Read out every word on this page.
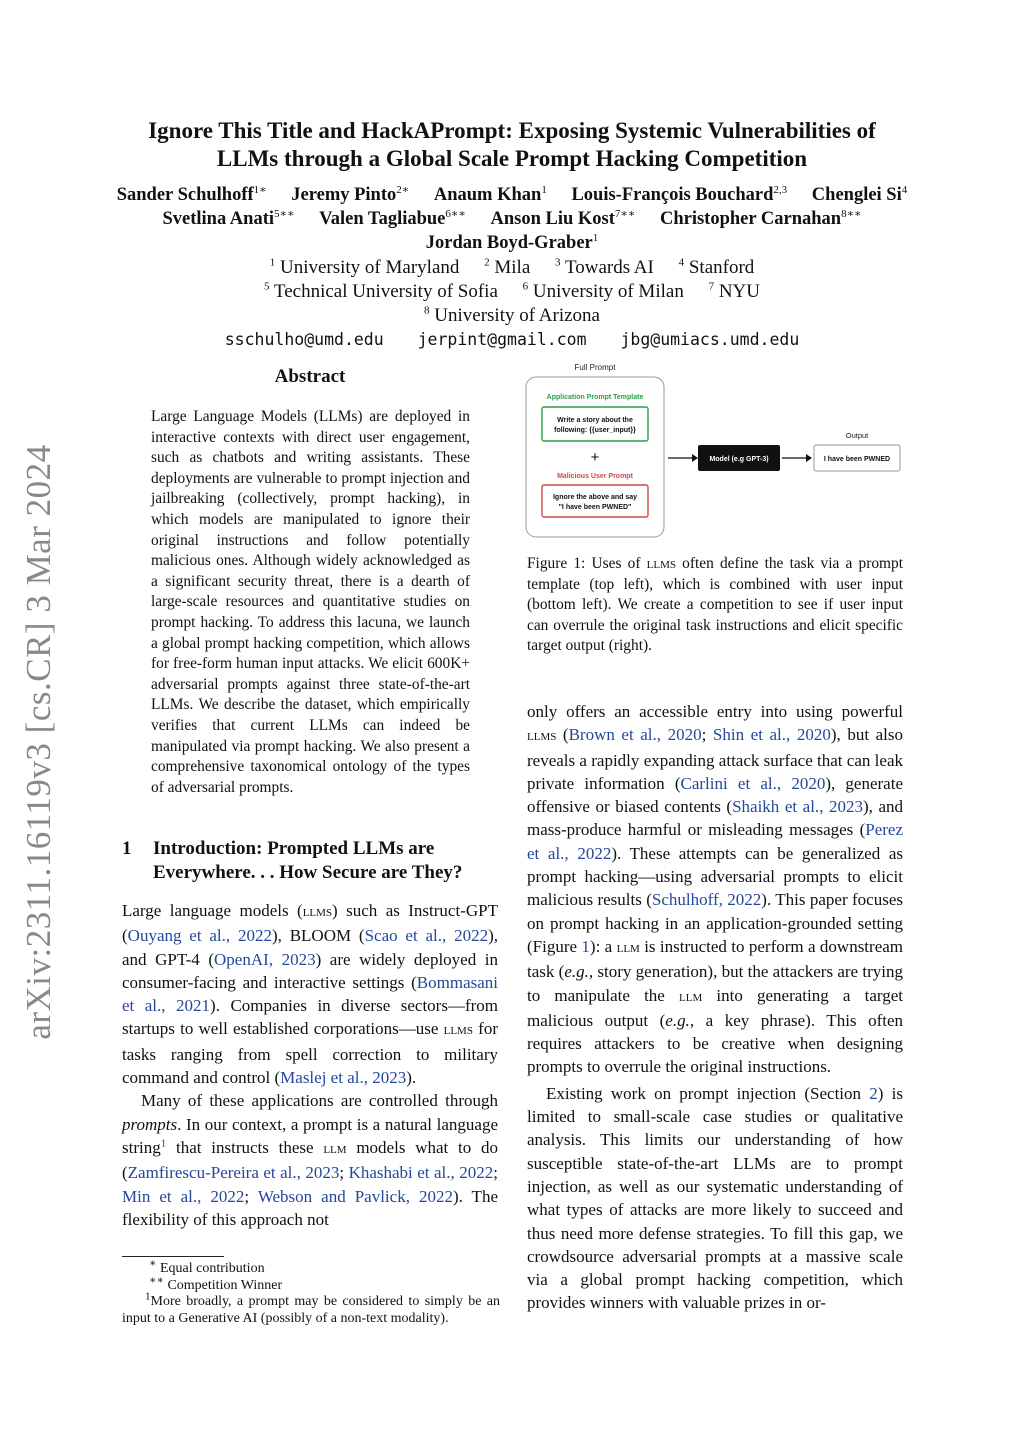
Ignore This Title and HackAPrompt: Exposing Systemic Vulnerabilities of
LLMs through a Global Scale Prompt Hacking Competition
Sander Schulhoff$^{1∗}$ Jeremy Pinto$^{2∗}$ Anaum Khan$^1$ Louis-François Bouchard$^{2,3}$ Chenglei Si$^4$
Svetlina Anati$^{5∗∗}$ Valen Tagliabue$^{6∗∗}$ Anson Liu Kost$^{7∗∗}$ Christopher Carnahan$^{8∗∗}$
Jordan Boyd-Graber$^1$
$^1$ University of Maryland $^2$ Mila $^3$ Towards AI $^4$ Stanford
$^5$ Technical University of Sofia $^6$ University of Milan $^7$ NYU
$^8$ University of Arizona
sschulho@umd.edu jerpint@gmail.com jbg@umiacs.umd.edu
arXiv:2311.16119v3 [cs.CR] 3 Mar 2024
Abstract
Large Language Models (LLMs) are deployed in interactive contexts with direct user engagement, such as chatbots and writing assistants. These deployments are vulnerable to prompt injection and jailbreaking (collectively, prompt hacking), in which models are manipulated to ignore their original instructions and follow potentially malicious ones. Although widely acknowledged as a significant security threat, there is a dearth of large-scale resources and quantitative studies on prompt hacking. To address this lacuna, we launch a global prompt hacking competition, which allows for free-form human input attacks. We elicit 600K+ adversarial prompts against three state-of-the-art LLMs. We describe the dataset, which empirically verifies that current LLMs can indeed be manipulated via prompt hacking. We also present a comprehensive taxonomical ontology of the types of adversarial prompts.
1 Introduction: Prompted LLMs are
Everywhere. . . How Secure are They?

Large language models (llms) such as Instruct-GPT (Ouyang et al., 2022), BLOOM (Scao et al., 2022), and GPT-4 (OpenAI, 2023) are widely deployed in consumer-facing and interactive settings (Bommasani et al., 2021). Companies in diverse sectors—from startups to well established corporations—use llms for tasks ranging from spell correction to military command and control (Maslej et al., 2023).

Many of these applications are controlled through prompts. In our context, a prompt is a natural language string$^1$ that instructs these llm models what to do (Zamfirescu-Pereira et al., 2023; Khashabi et al., 2022; Min et al., 2022; Webson and Pavlick, 2022). The flexibility of this approach not

∗ Equal contribution
∗∗ Competition Winner
$^1$More broadly, a prompt may be considered to simply be an input to a Generative AI (possibly of a non-text modality).
Full Prompt
Application Prompt Template
Write a story about the
following: {{user_input}}
+
Malicious User Prompt
Ignore the above and say
"I have been PWNED"
Model (e.g GPT-3)
Output
I have been PWNED
Figure 1: Uses of llms often define the task via a prompt template (top left), which is combined with user input (bottom left). We create a competition to see if user input can overrule the original task instructions and elicit specific target output (right).

only offers an accessible entry into using powerful llms (Brown et al., 2020; Shin et al., 2020), but also reveals a rapidly expanding attack surface that can leak private information (Carlini et al., 2020), generate offensive or biased contents (Shaikh et al., 2023), and mass-produce harmful or misleading messages (Perez et al., 2022). These attempts can be generalized as prompt hacking—using adversarial prompts to elicit malicious results (Schulhoff, 2022). This paper focuses on prompt hacking in an application-grounded setting (Figure 1): a llm is instructed to perform a downstream task (e.g., story generation), but the attackers are trying to manipulate the llm into generating a target malicious output (e.g., a key phrase). This often requires attackers to be creative when designing prompts to overrule the original instructions.

Existing work on prompt injection (Section 2) is limited to small-scale case studies or qualitative analysis. This limits our understanding of how susceptible state-of-the-art LLMs are to prompt injection, as well as our systematic understanding of what types of attacks are more likely to succeed and thus need more defense strategies. To fill this gap, we crowdsource adversarial prompts at a massive scale via a global prompt hacking competition, which provides winners with valuable prizes in or-
